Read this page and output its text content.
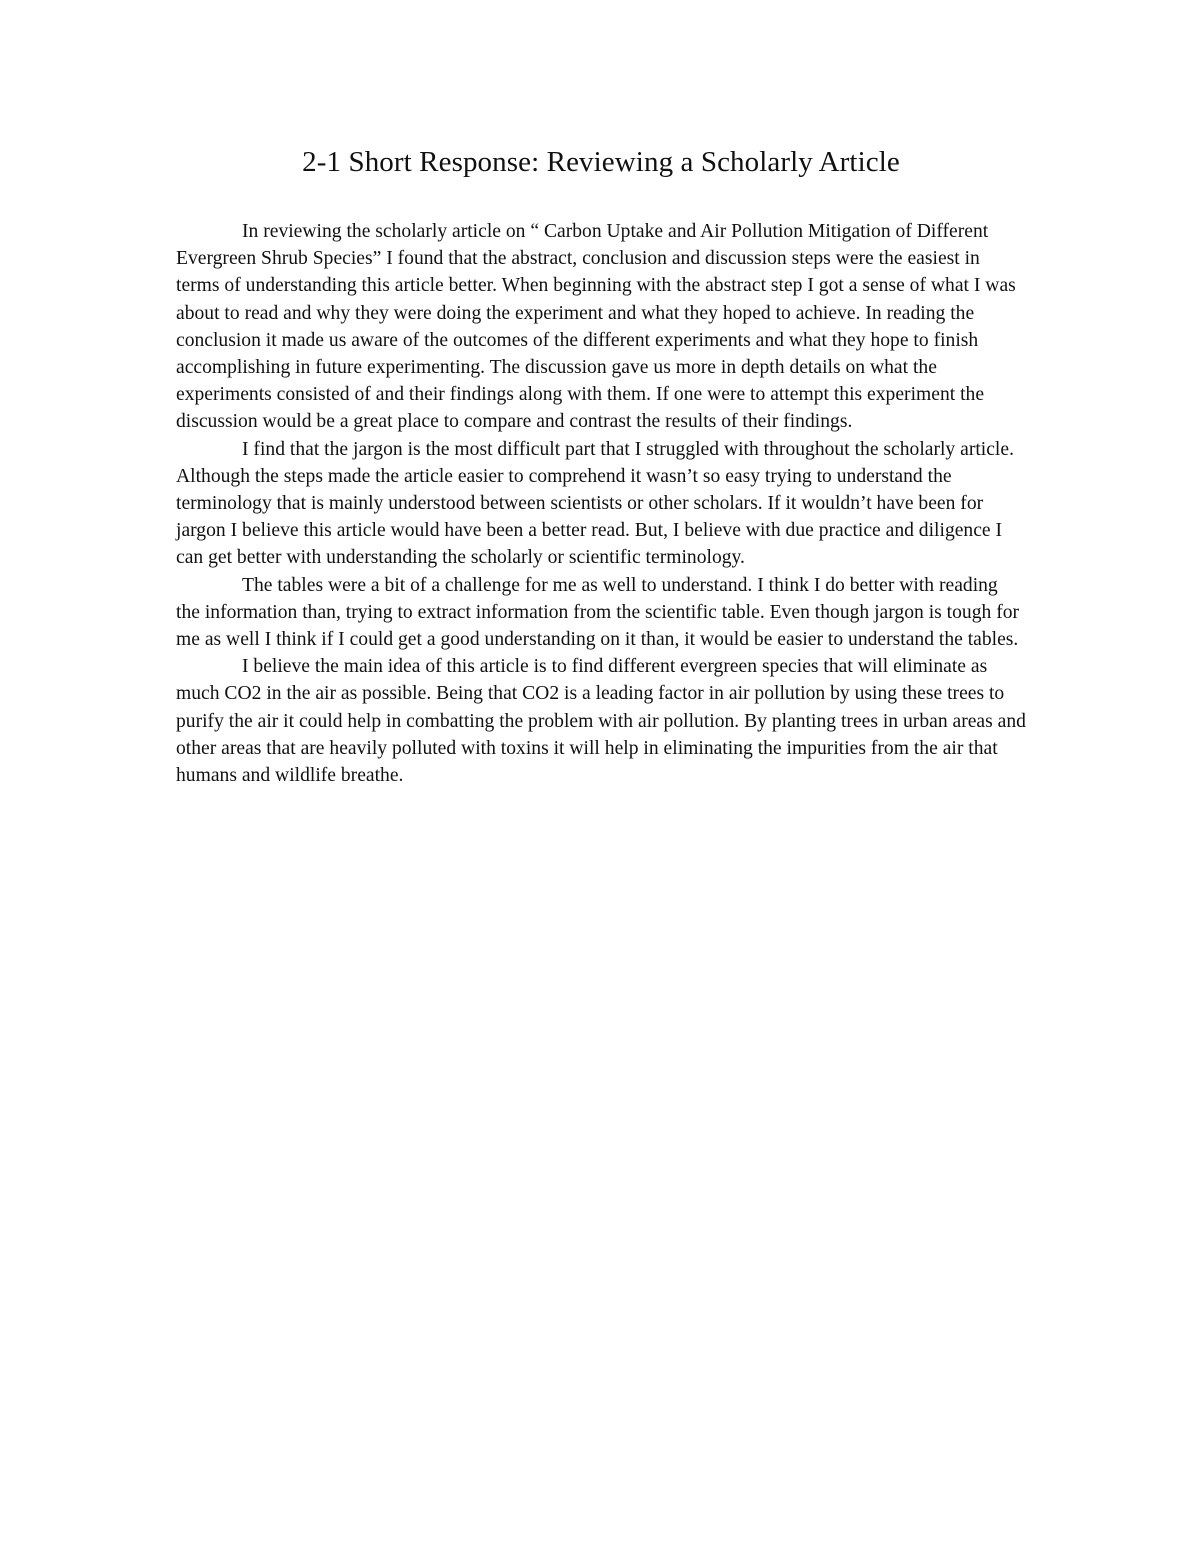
2-1 Short Response: Reviewing a Scholarly Article

In reviewing the scholarly article on “ Carbon Uptake and Air Pollution Mitigation of Different Evergreen Shrub Species” I found that the abstract, conclusion and discussion steps were the easiest in terms of understanding this article better. When beginning with the abstract step I got a sense of what I was about to read and why they were doing the experiment and what they hoped to achieve. In reading the conclusion it made us aware of the outcomes of the different experiments and what they hope to finish accomplishing in future experimenting. The discussion gave us more in depth details on what the experiments consisted of and their findings along with them. If one were to attempt this experiment the discussion would be a great place to compare and contrast the results of their findings.

I find that the jargon is the most difficult part that I struggled with throughout the scholarly article. Although the steps made the article easier to comprehend it wasn’t so easy trying to understand the terminology that is mainly understood between scientists or other scholars. If it wouldn’t have been for jargon I believe this article would have been a better read. But, I believe with due practice and diligence I can get better with understanding the scholarly or scientific terminology.

The tables were a bit of a challenge for me as well to understand. I think I do better with reading the information than, trying to extract information from the scientific table. Even though jargon is tough for me as well I think if I could get a good understanding on it than, it would be easier to understand the tables.

I believe the main idea of this article is to find different evergreen species that will eliminate as much CO2 in the air as possible. Being that CO2 is a leading factor in air pollution by using these trees to purify the air it could help in combatting the problem with air pollution. By planting trees in urban areas and other areas that are heavily polluted with toxins it will help in eliminating the impurities from the air that humans and wildlife breathe.
